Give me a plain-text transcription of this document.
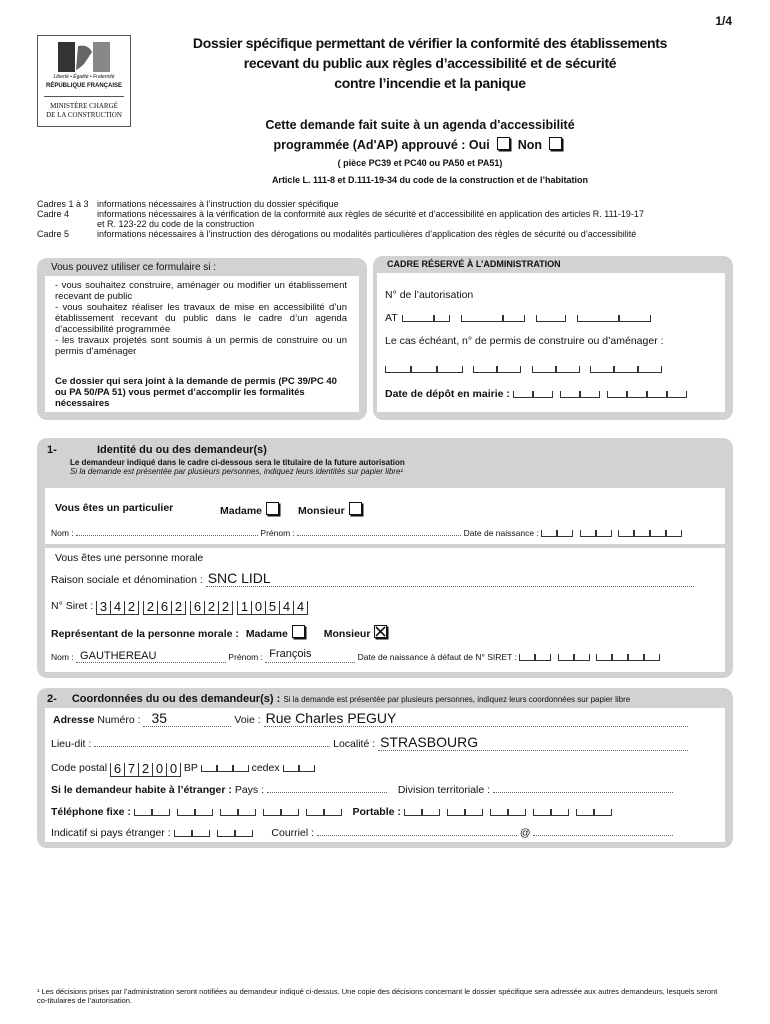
1/4
Liberté • Égalité • Fraternité
RÉPUBLIQUE FRANÇAISE
MINISTÈRE CHARGÉ
DE LA CONSTRUCTION
Dossier spécifique permettant de vérifier la conformité des établissements
recevant du public aux règles d’accessibilité et de sécurité
contre l’incendie et la panique
Cette demande fait suite à un agenda d'accessibilité
programmée (Ad'AP) approuvé : Oui Non
( pièce PC39 et PC40 ou PA50 et PA51)
Article L. 111-8 et D.111-19-34 du code de la construction et de l’habitation
Cadres 1 à 3 informations nécessaires à l’instruction du dossier spécifique
Cadre 4	informations nécessaires à la vérification de la conformité aux règles de sécurité et d’accessibilité en application des articles R. 111-19-17
et R. 123-22 du code de la construction
Cadre 5	informations nécessaires à l’instruction des dérogations ou modalités particulières d’application des règles de sécurité ou d’accessibilité
Vous pouvez utiliser ce formulaire si :
- vous souhaitez construire, aménager ou modifier un établissement recevant de public
- vous souhaitez réaliser les travaux de mise en accessibilité d’un établissement recevant du public dans le cadre d’un agenda d’accessibilité programmée
- les travaux projetés sont soumis à un permis de construire ou un permis d’aménager
Ce dossier qui sera joint à la demande de permis (PC 39/PC 40 ou PA 50/PA 51) vous permet d’accomplir les formalités nécessaires
CADRE RÉSERVÉ À L’ADMINISTRATION
N° de l’autorisation
AT
Le cas échéant, n° de permis de construire ou d’aménager :

Date de dépôt en mairie :
1-	Identité du ou des demandeur(s)
Le demandeur indiqué dans le cadre ci-dessous sera le titulaire de la future autorisation
Si la demande est présentée par plusieurs personnes, indiquez leurs identités sur papier libre¹
Vous êtes un particulier	Madame	Monsieur
Nom :	Prénom :	Date de naissance :
Vous êtes une personne morale
Raison sociale et dénomination : SNC LIDL

N° Siret : 3 4 2 2 6 2 6 2 2 1 0 5 4 4
Représentant de la personne morale : Madame	Monsieur
Nom : GAUTHEREAU	Prénom : François	Date de naissance à défaut de N° SIRET :
2- Coordonnées du ou des demandeur(s) : Si la demande est présentée par plusieurs personnes, indiquez leurs coordonnées sur papier libre
Adresse Numéro : 35	Voie : Rue Charles PEGUY

Lieu-dit :	Localité : STRASBOURG

Code postal 6 7 2 0 0 BP	cedex
Si le demandeur habite à l’étranger : Pays :	Division territoriale :
Téléphone fixe :	Portable :
Indicatif si pays étranger :	Courriel :	@
¹ Les décisions prises par l’administration seront notifiées au demandeur indiqué ci-dessus. Une copie des décisions concernant le dossier spécifique sera adressée aux autres demandeurs, lesquels seront co-titulaires de l’autorisation.
